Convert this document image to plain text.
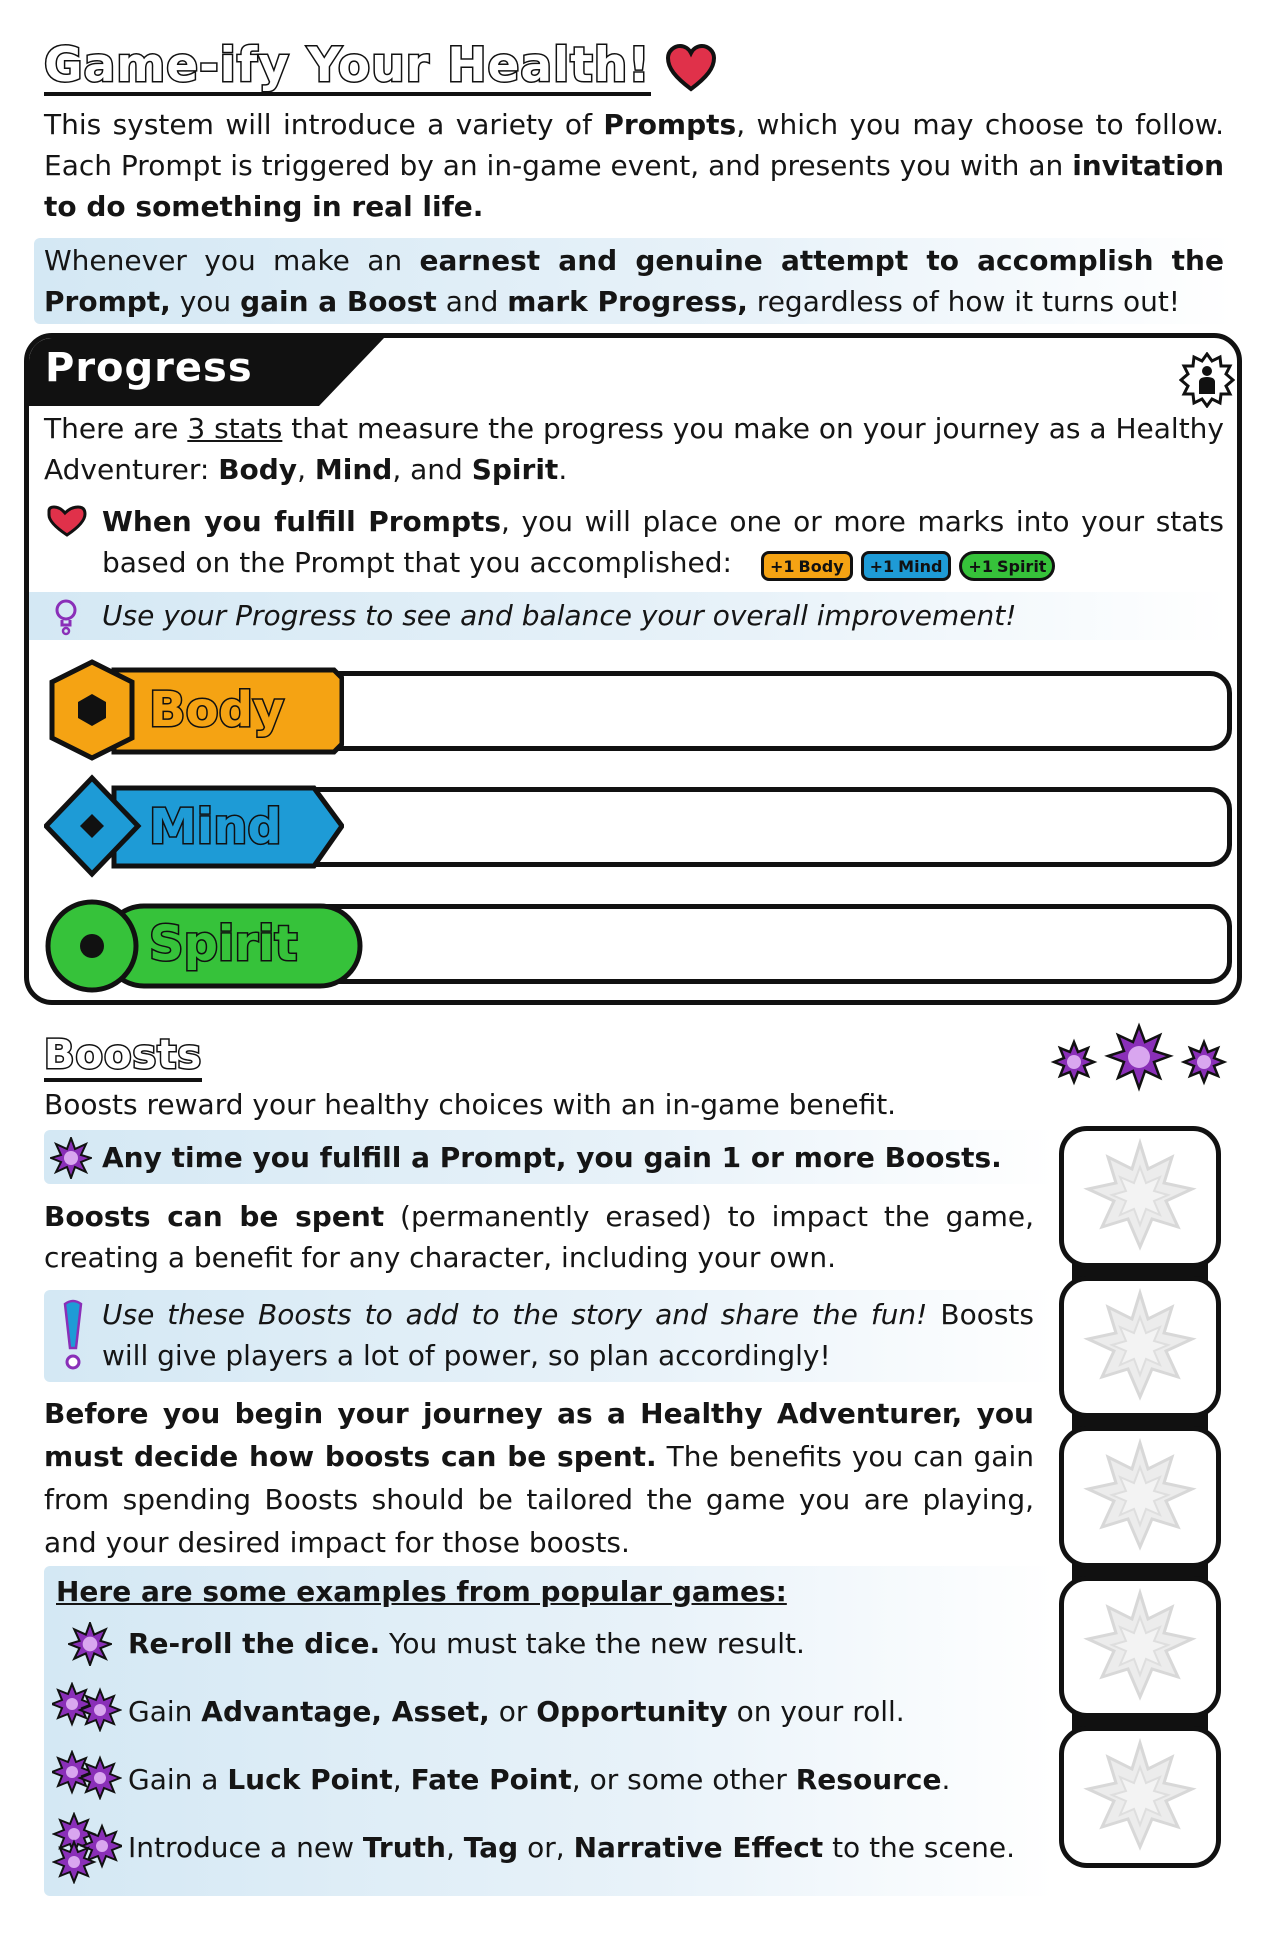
Game-ify Your Health!
This system will introduce a variety of Prompts, which you may choose to follow. Each Prompt is triggered by an in-game event, and presents you with an invitation to do something in real life.
Whenever you make an earnest and genuine attempt to accomplish the Prompt, you gain a Boost and mark Progress, regardless of how it turns out!
Progress
There are 3 stats that measure the progress you make on your journey as a Healthy Adventurer: Body, Mind, and Spirit.
When you fulfill Prompts, you will place one or more marks into your stats based on the Prompt that you accomplished:	+1 Body +1 Mind +1 Spirit
Use your Progress to see and balance your overall improvement!
Body
Mind
Spirit
Boosts
Boosts reward your healthy choices with an in-game benefit.
Any time you fulfill a Prompt, you gain 1 or more Boosts.
Boosts can be spent (permanently erased) to impact the game, creating a benefit for any character, including your own.
Use these Boosts to add to the story and share the fun! Boosts will give players a lot of power, so plan accordingly!
Before you begin your journey as a Healthy Adventurer, you must decide how boosts can be spent. The benefits you can gain from spending Boosts should be tailored the game you are playing, and your desired impact for those boosts.
Here are some examples from popular games:
Re-roll the dice. You must take the new result.
Gain Advantage, Asset, or Opportunity on your roll.
Gain a Luck Point, Fate Point, or some other Resource.
Introduce a new Truth, Tag or, Narrative Effect to the scene.
